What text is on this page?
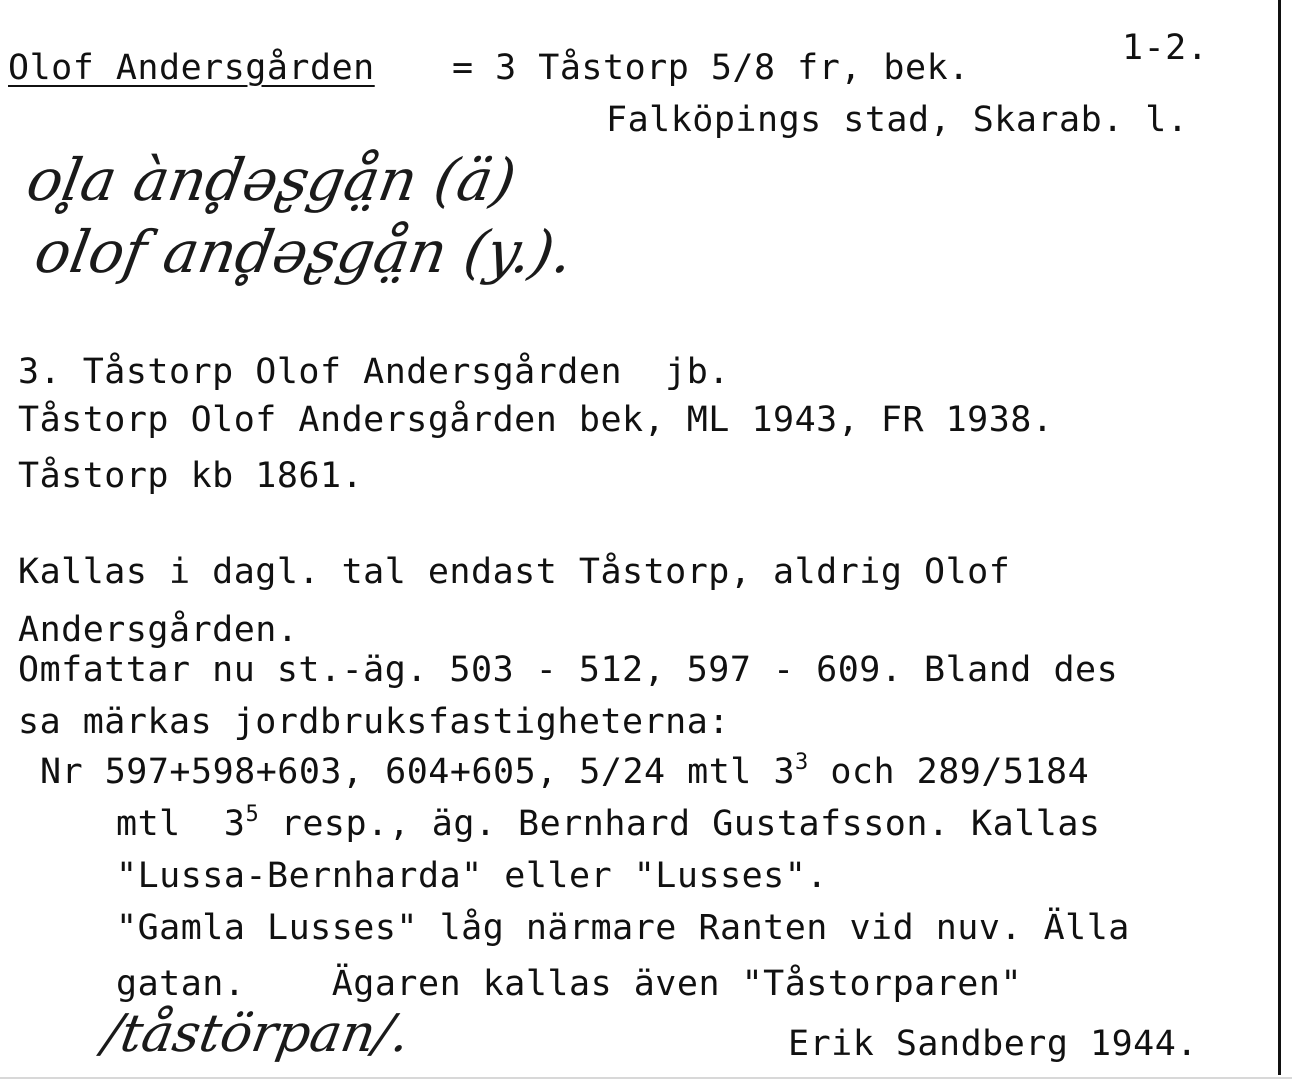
Olof Andersgården = 3 Tåstorp 5/8 fr, bek.	1-2.
Falköpings stad, Skarab. l.
ol̥a ànd̥əʂgå̤n (ä)
olof and̥əʂgå̤n (y.).
3. Tåstorp Olof Andersgården  jb.
Tåstorp Olof Andersgården bek, ML 1943, FR 1938.
Tåstorp kb 1861.
Kallas i dagl. tal endast Tåstorp, aldrig Olof
Andersgården.
Omfattar nu st.-äg. 503 - 512, 597 - 609. Bland des
sa märkas jordbruksfastigheterna:
Nr 597+598+603, 604+605, 5/24 mtl $3^3$ och 289/5184
mtl  $3^5$ resp., äg. Bernhard Gustafsson. Kallas
"Lussa-Bernharda" eller "Lusses".
"Gamla Lusses" låg närmare Ranten vid nuv. Älla
gatan.    Ägaren kallas även "Tåstorparen"
/tåstörpan/.	Erik Sandberg 1944.
